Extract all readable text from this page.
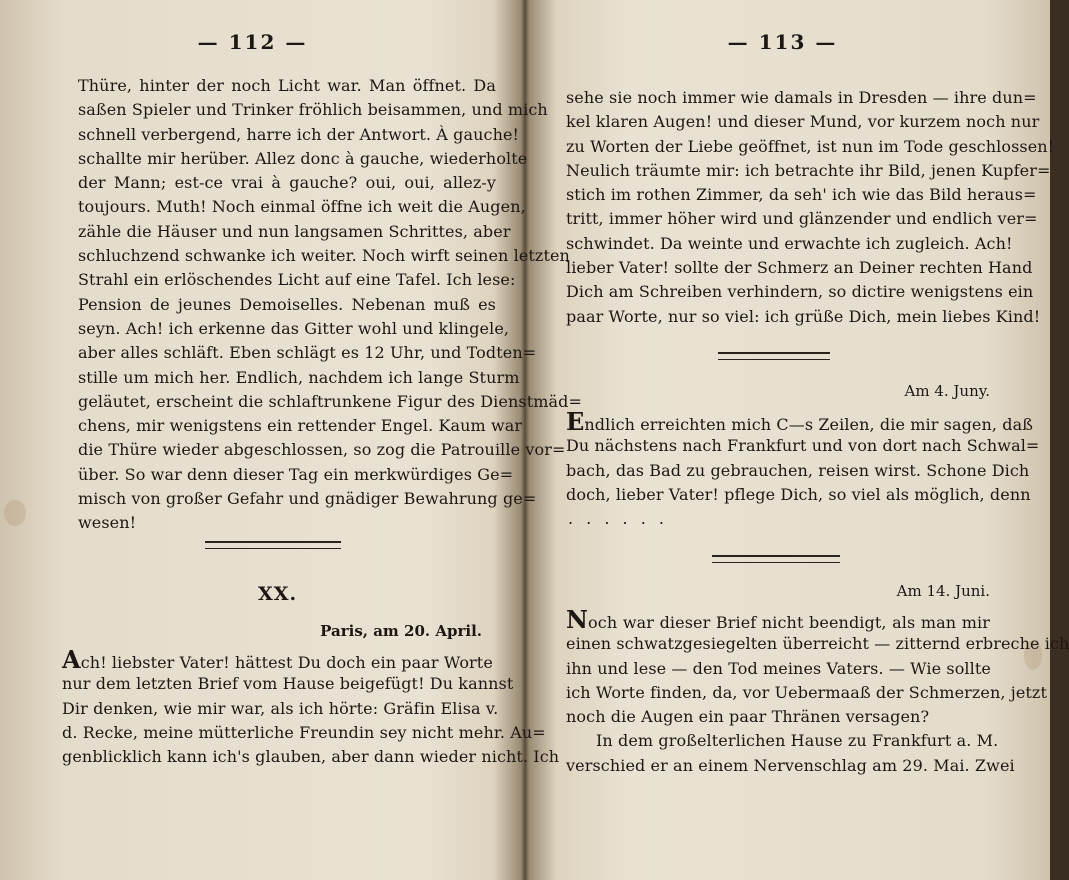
— 112 —
Thüre, hinter der noch Licht war. Man öffnet. Da
saßen Spieler und Trinker fröhlich beisammen, und mich
schnell verbergend, harre ich der Antwort. À gauche!
schallte mir herüber. Allez donc à gauche, wiederholte
der Mann; est-ce vrai à gauche? oui, oui, allez-y
toujours. Muth! Noch einmal öffne ich weit die Augen,
zähle die Häuser und nun langsamen Schrittes, aber
schluchzend schwanke ich weiter. Noch wirft seinen letzten
Strahl ein erlöschendes Licht auf eine Tafel. Ich lese:
Pension de jeunes Demoiselles. Nebenan muß es
seyn. Ach! ich erkenne das Gitter wohl und klingele,
aber alles schläft. Eben schlägt es 12 Uhr, und Todten=
stille um mich her. Endlich, nachdem ich lange Sturm
geläutet, erscheint die schlaftrunkene Figur des Dienstmäd=
chens, mir wenigstens ein rettender Engel. Kaum war
die Thüre wieder abgeschlossen, so zog die Patrouille vor=
über. So war denn dieser Tag ein merkwürdiges Ge=
misch von großer Gefahr und gnädiger Bewahrung ge=
wesen!
XX.
Paris, am 20. April.
Ach! liebster Vater! hättest Du doch ein paar Worte
nur dem letzten Brief vom Hause beigefügt! Du kannst
Dir denken, wie mir war, als ich hörte: Gräfin Elisa v.
d. Recke, meine mütterliche Freundin sey nicht mehr. Au=
genblicklich kann ich's glauben, aber dann wieder nicht. Ich
— 113 —
sehe sie noch immer wie damals in Dresden — ihre dun=
kel klaren Augen! und dieser Mund, vor kurzem noch nur
zu Worten der Liebe geöffnet, ist nun im Tode geschlossen!
Neulich träumte mir: ich betrachte ihr Bild, jenen Kupfer=
stich im rothen Zimmer, da seh' ich wie das Bild heraus=
tritt, immer höher wird und glänzender und endlich ver=
schwindet. Da weinte und erwachte ich zugleich. Ach!
lieber Vater! sollte der Schmerz an Deiner rechten Hand
Dich am Schreiben verhindern, so dictire wenigstens ein
paar Worte, nur so viel: ich grüße Dich, mein liebes Kind!
Am 4. Juny.
Endlich erreichten mich C—s Zeilen, die mir sagen, daß
Du nächstens nach Frankfurt und von dort nach Schwal=
bach, das Bad zu gebrauchen, reisen wirst. Schone Dich
doch, lieber Vater! pflege Dich, so viel als möglich, denn
. . . . . .
Am 14. Juni.
Noch war dieser Brief nicht beendigt, als man mir
einen schwatzgesiegelten überreicht — zitternd erbreche ich
ihn und lese — den Tod meines Vaters. — Wie sollte
ich Worte finden, da, vor Uebermaaß der Schmerzen, jetzt
noch die Augen ein paar Thränen versagen?
In dem großelterlichen Hause zu Frankfurt a. M.
verschied er an einem Nervenschlag am 29. Mai. Zwei
